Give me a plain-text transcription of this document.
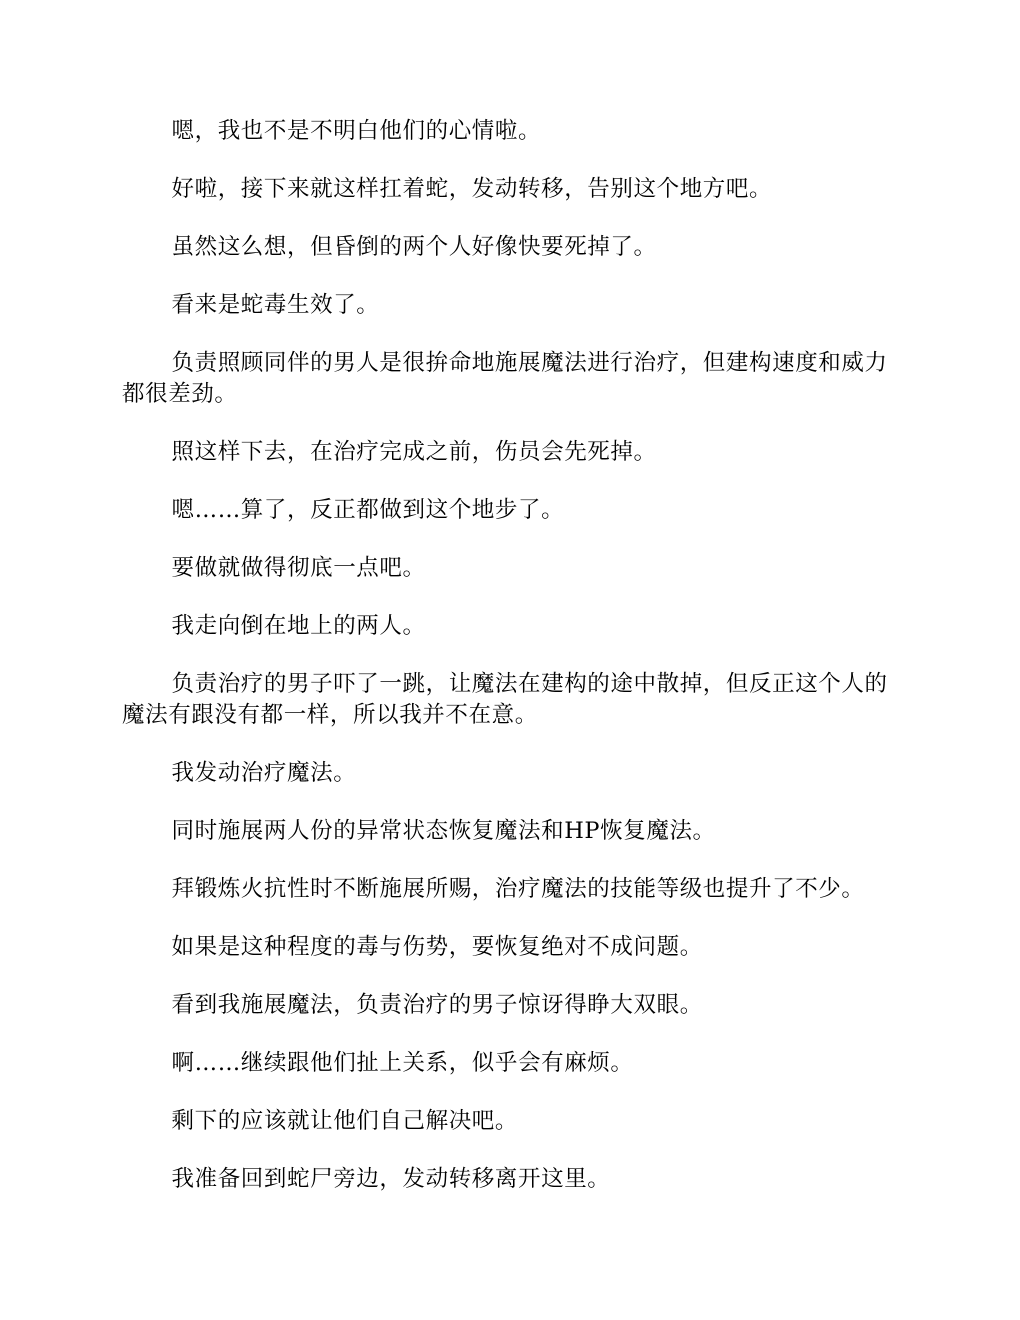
嗯，我也不是不明白他们的心情啦。

好啦，接下来就这样扛着蛇，发动转移，告别这个地方吧。

虽然这么想，但昏倒的两个人好像快要死掉了。

看来是蛇毒生效了。

负责照顾同伴的男人是很拚命地施展魔法进行治疗，但建构速度和威力都很差劲。

照这样下去，在治疗完成之前，伤员会先死掉。

嗯……算了，反正都做到这个地步了。

要做就做得彻底一点吧。

我走向倒在地上的两人。

负责治疗的男子吓了一跳，让魔法在建构的途中散掉，但反正这个人的魔法有跟没有都一样，所以我并不在意。

我发动治疗魔法。

同时施展两人份的异常状态恢复魔法和HP恢复魔法。

拜锻炼火抗性时不断施展所赐，治疗魔法的技能等级也提升了不少。

如果是这种程度的毒与伤势，要恢复绝对不成问题。

看到我施展魔法，负责治疗的男子惊讶得睁大双眼。

啊……继续跟他们扯上关系，似乎会有麻烦。

剩下的应该就让他们自己解决吧。

我准备回到蛇尸旁边，发动转移离开这里。
